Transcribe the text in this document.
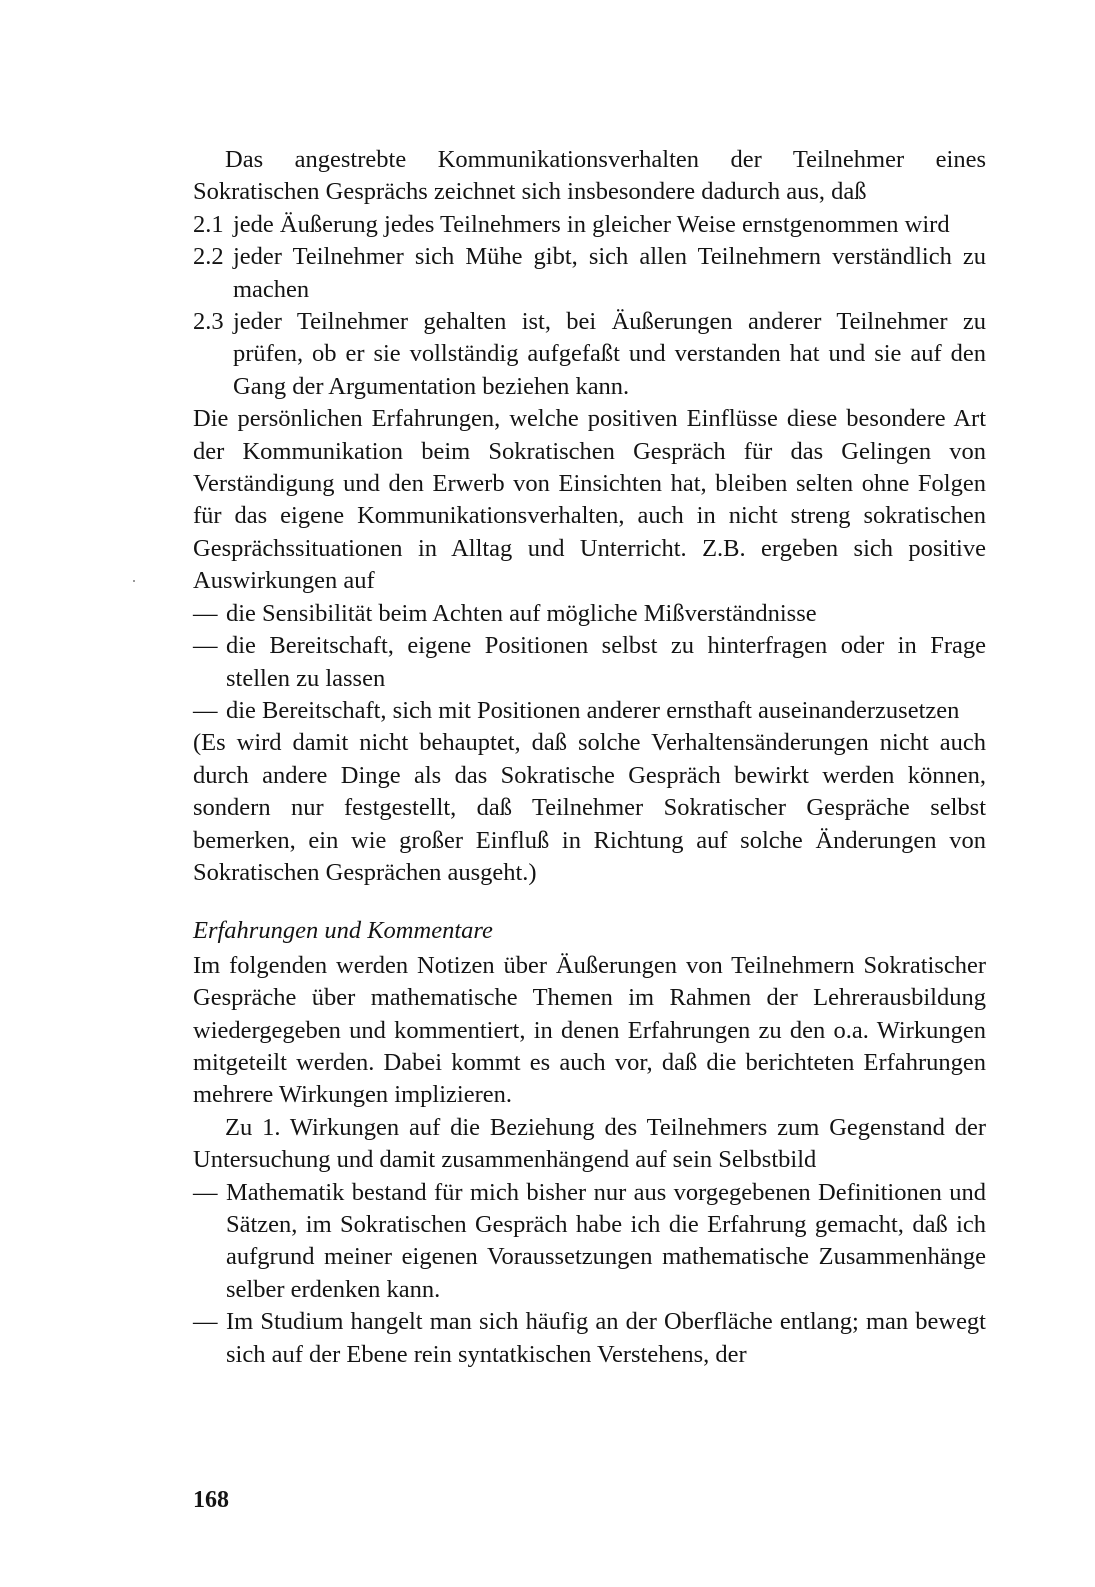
Das angestrebte Kommunikationsverhalten der Teilnehmer eines Sokratischen Gesprächs zeichnet sich insbesondere dadurch aus, daß

2.1 jede Äußerung jedes Teilnehmers in gleicher Weise ernstgenommen wird

2.2 jeder Teilnehmer sich Mühe gibt, sich allen Teilnehmern verständlich zu machen

2.3 jeder Teilnehmer gehalten ist, bei Äußerungen anderer Teilnehmer zu prüfen, ob er sie vollständig aufgefaßt und verstanden hat und sie auf den Gang der Argumentation beziehen kann.

Die persönlichen Erfahrungen, welche positiven Einflüsse diese besondere Art der Kommunikation beim Sokratischen Gespräch für das Gelingen von Verständigung und den Erwerb von Einsichten hat, bleiben selten ohne Folgen für das eigene Kommunikationsverhalten, auch in nicht streng sokratischen Gesprächssituationen in Alltag und Unterricht. Z.B. ergeben sich positive Auswirkungen auf

— die Sensibilität beim Achten auf mögliche Mißverständnisse

— die Bereitschaft, eigene Positionen selbst zu hinterfragen oder in Frage stellen zu lassen

— die Bereitschaft, sich mit Positionen anderer ernsthaft auseinanderzusetzen

(Es wird damit nicht behauptet, daß solche Verhaltensänderungen nicht auch durch andere Dinge als das Sokratische Gespräch bewirkt werden können, sondern nur festgestellt, daß Teilnehmer Sokratischer Gespräche selbst bemerken, ein wie großer Einfluß in Richtung auf solche Änderungen von Sokratischen Gesprächen ausgeht.)

Erfahrungen und Kommentare

Im folgenden werden Notizen über Äußerungen von Teilnehmern Sokratischer Gespräche über mathematische Themen im Rahmen der Lehrerausbildung wiedergegeben und kommentiert, in denen Erfahrungen zu den o.a. Wirkungen mitgeteilt werden. Dabei kommt es auch vor, daß die berichteten Erfahrungen mehrere Wirkungen implizieren.

Zu 1. Wirkungen auf die Beziehung des Teilnehmers zum Gegenstand der Untersuchung und damit zusammenhängend auf sein Selbstbild

— Mathematik bestand für mich bisher nur aus vorgegebenen Definitionen und Sätzen, im Sokratischen Gespräch habe ich die Erfahrung gemacht, daß ich aufgrund meiner eigenen Voraussetzungen mathematische Zusammenhänge selber erdenken kann.

— Im Studium hangelt man sich häufig an der Oberfläche entlang; man bewegt sich auf der Ebene rein syntatkischen Verstehens, der

168
